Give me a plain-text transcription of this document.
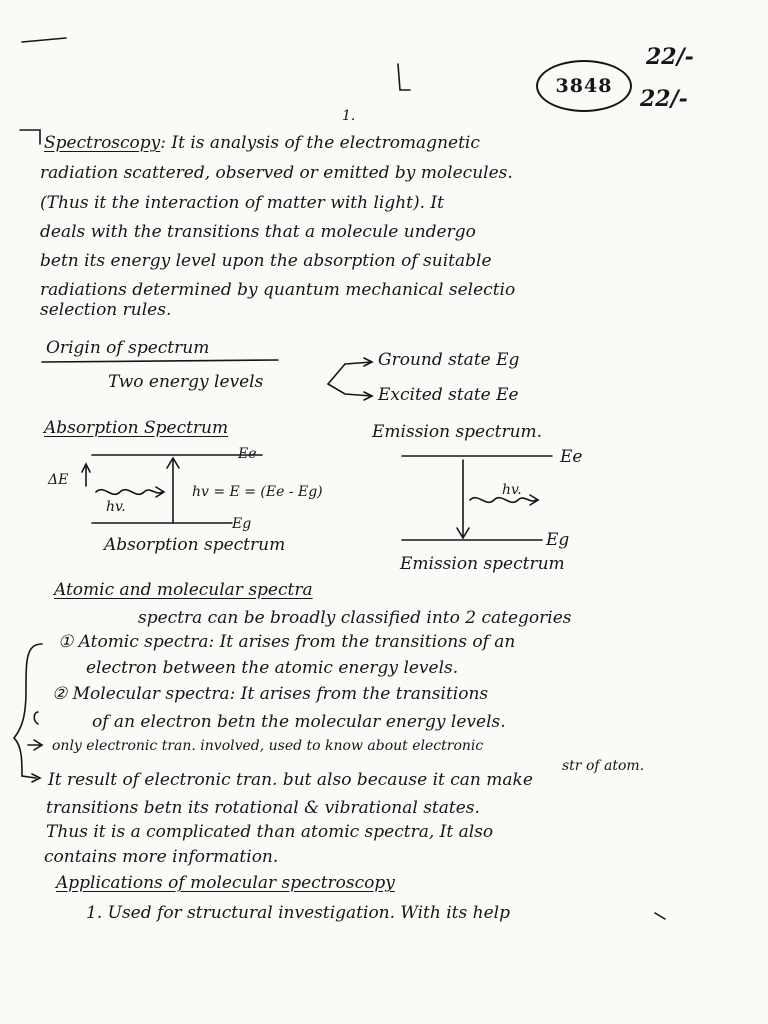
3848
22/-
22/-
1.
Spectroscopy: It is analysis of the electromagnetic
radiation scattered, observed or emitted by molecules.
(Thus it the interaction of matter with light). It
deals with the transitions that a molecule undergo
betn its energy level upon the absorption of suitable
radiations determined by quantum mechanical selectio
selection rules.
Origin of spectrum
Two energy levels
Ground state Eg
Excited state Ee
Absorption Spectrum
Ee
ΔE
hv.
hv = E = (Ee - Eg)
Eg
Absorption spectrum
Emission spectrum.
Ee
hv.
Eg
Emission spectrum
Atomic and molecular spectra
spectra can be broadly classified into 2 categories
① Atomic spectra: It arises from the transitions of an
electron between the atomic energy levels.
② Molecular spectra: It arises from the transitions
of an electron betn the molecular energy levels.
only electronic tran. involved, used to know about electronic
str of atom.
It result of electronic tran. but also because it can make
transitions betn its rotational & vibrational states.
Thus it is a complicated than atomic spectra, It also
contains more information.
Applications of molecular spectroscopy
1. Used for structural investigation. With its help
